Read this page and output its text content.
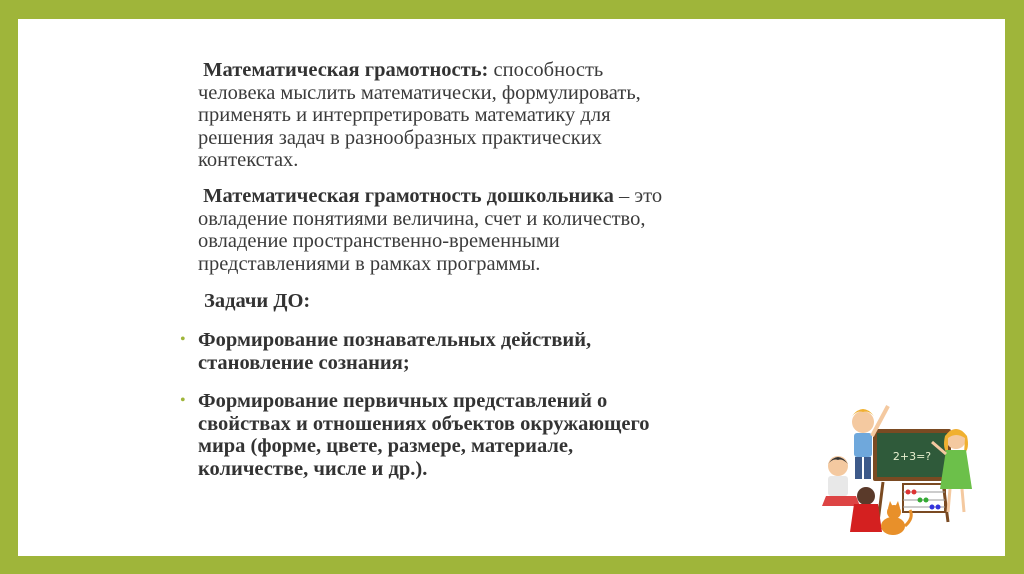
Математическая грамотность: способность
человека мыслить математически, формулировать,
применять и интерпретировать математику для
решения задач в разнообразных практических
контекстах.
Математическая грамотность дошкольника – это
овладение понятиями величина, счет и количество,
овладение пространственно-временными
представлениями в рамках программы.
Задачи ДО:
• Формирование познавательных действий,
становление сознания;
• Формирование первичных представлений о
свойствах и отношениях объектов окружающего
мира (форме, цвете, размере, материале,
количестве, числе и др.).
2+3=?
